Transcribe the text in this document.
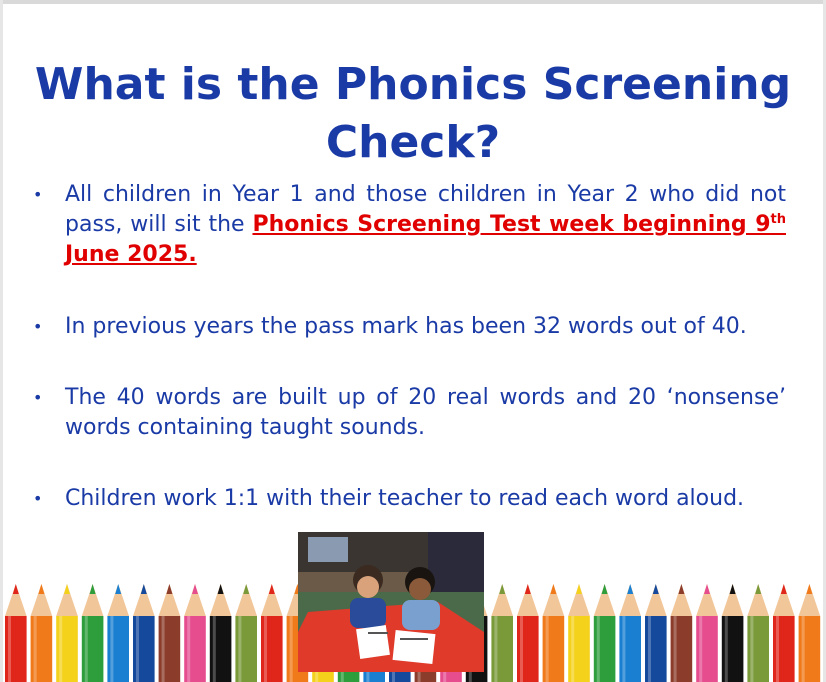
What is the Phonics Screening Check?
• All children in Year 1 and those children in Year 2 who did not pass, will sit the Phonics Screening Test week beginning 9th June 2025.
• In previous years the pass mark has been 32 words out of 40.
• The 40 words are built up of 20 real words and 20 ‘nonsense’ words containing taught sounds.
• Children work 1:1 with their teacher to read each word aloud.
